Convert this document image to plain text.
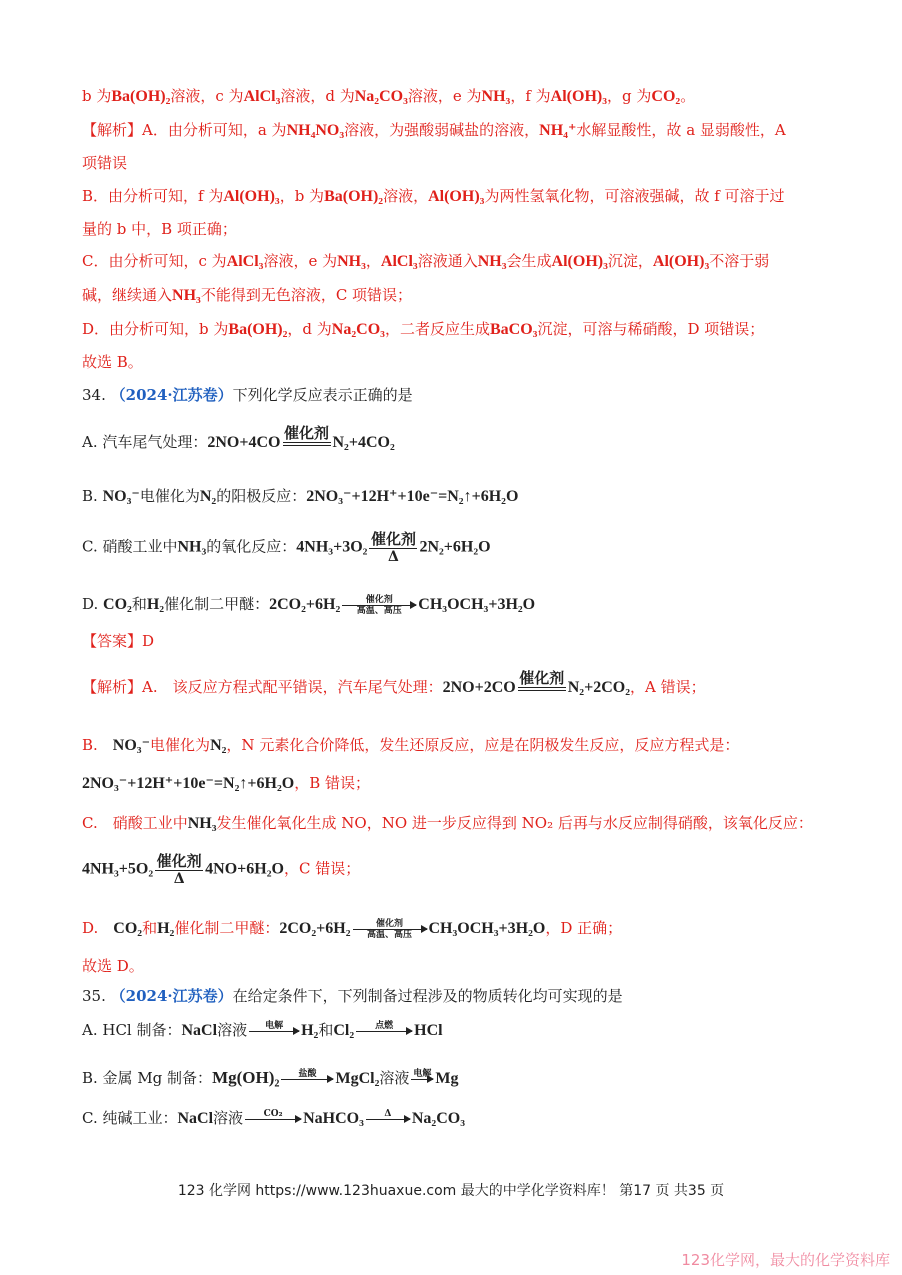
b 为Ba(OH)₂溶液，c 为AlCl₃溶液，d 为Na₂CO₃溶液，e 为NH₃，f 为Al(OH)₃，g 为CO₂。
【解析】A．由分析可知，a 为NH₄NO₃溶液，为强酸弱碱盐的溶液，NH₄⁺水解显酸性，故 a 显弱酸性，A
项错误
B．由分析可知，f 为Al(OH)₃，b 为Ba(OH)₂溶液，Al(OH)₃为两性氢氧化物，可溶液强碱，故 f 可溶于过
量的 b 中，B 项正确；
C．由分析可知，c 为AlCl₃溶液，e 为NH₃，AlCl₃溶液通入NH₃会生成Al(OH)₃沉淀，Al(OH)₃不溶于弱
碱，继续通入NH₃不能得到无色溶液，C 项错误；
D．由分析可知，b 为Ba(OH)₂，d 为Na₂CO₃，二者反应生成BaCO₃沉淀，可溶与稀硝酸，D 项错误；
故选 B。
34. （2024·江苏卷）下列化学反应表示正确的是
A. 汽车尾气处理：2NO+4CO
催化剂

N₂+4CO₂
B. NO₃⁻电催化为N₂的阳极反应：2NO₃⁻+12H⁺+10e⁻=N₂↑+6H₂O
C. 硝酸工业中NH₃的氧化反应：4NH₃+3O₂ 催化剂
Δ
2N₂+6H₂O
D. CO₂和H₂催化制二甲醚：2CO₂+6H₂	催化剂
高温、高压	CH₃OCH₃+3H₂O
【答案】D
【解析】A.　该反应方程式配平错误，汽车尾气处理：2NO+2CO
催化剂

N₂+2CO₂，A 错误；
B.　NO₃⁻电催化为N₂，N 元素化合价降低，发生还原反应，应是在阴极发生反应，反应方程式是：
2NO₃⁻+12H⁺+10e⁻=N₂↑+6H₂O，B 错误；
C.　硝酸工业中NH₃发生催化氧化生成 NO，NO 进一步反应得到 NO₂ 后再与水反应制得硝酸，该氧化反应：
4NH₃+5O₂ 催化剂
Δ
4NO+6H₂O，C 错误；
D.　CO₂和H₂催化制二甲醚：2CO₂+6H₂	催化剂
高温、高压	CH₃OCH₃+3H₂O，D 正确；
故选 D。
35. （2024·江苏卷）在给定条件下，下列制备过程涉及的物质转化均可实现的是
A. HCl 制备：NaCl溶液	电解
	H₂和Cl₂	点燃
	HCl
B. 金属 Mg 制备：Mg(OH)₂	盐酸
	MgCl₂溶液 电解
Mg
C. 纯碱工业：NaCl溶液	CO₂
	NaHCO₃	Δ
	Na₂CO₃
123 化学网 https://www.123huaxue.com 最大的中学化学资料库！ 第17 页 共35 页
123化学网，最大的化学资料库
